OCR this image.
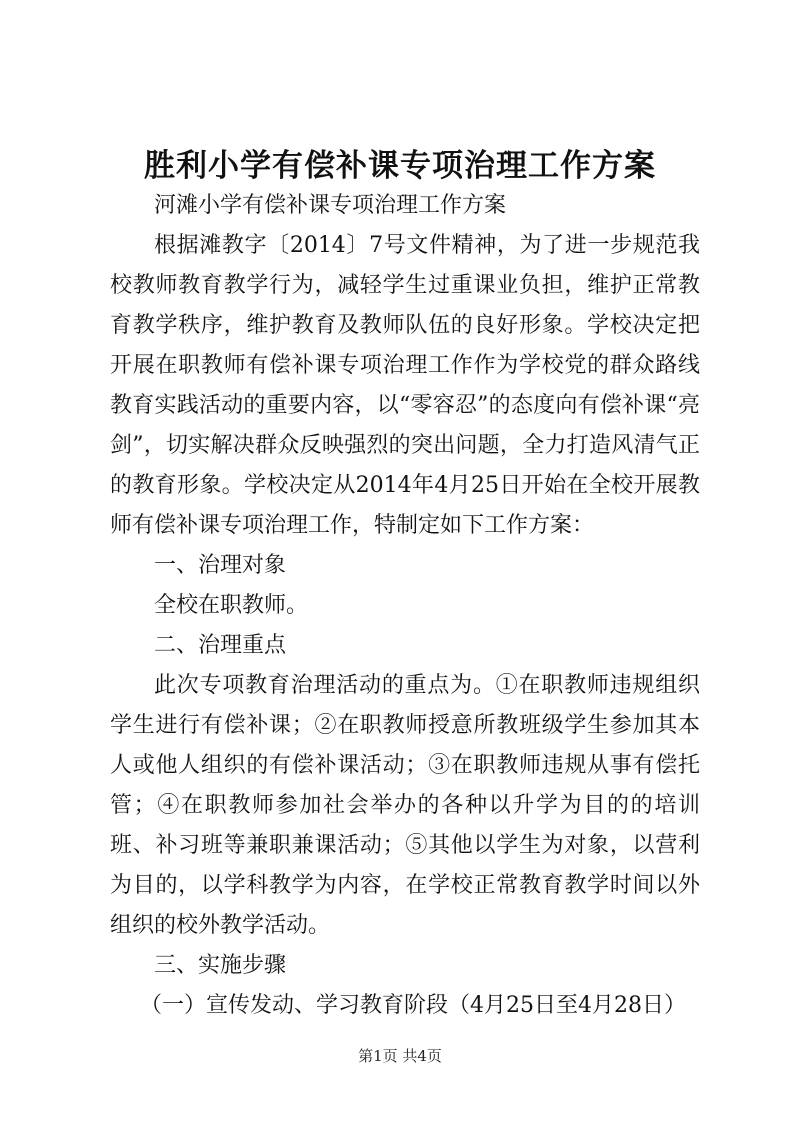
胜利小学有偿补课专项治理工作方案

河滩小学有偿补课专项治理工作方案

根据滩教字〔2014〕7号文件精神，为了进一步规范我校教师教育教学行为，减轻学生过重课业负担，维护正常教育教学秩序，维护教育及教师队伍的良好形象。学校决定把开展在职教师有偿补课专项治理工作作为学校党的群众路线教育实践活动的重要内容，以“零容忍”的态度向有偿补课“亮剑”，切实解决群众反映强烈的突出问题，全力打造风清气正的教育形象。学校决定从2014年4月25日开始在全校开展教师有偿补课专项治理工作，特制定如下工作方案：

一、治理对象

全校在职教师。

二、治理重点

此次专项教育治理活动的重点为。①在职教师违规组织学生进行有偿补课；②在职教师授意所教班级学生参加其本人或他人组织的有偿补课活动；③在职教师违规从事有偿托管；④在职教师参加社会举办的各种以升学为目的的培训班、补习班等兼职兼课活动；⑤其他以学生为对象，以营利为目的，以学科教学为内容，在学校正常教育教学时间以外组织的校外教学活动。

三、实施步骤

（一）宣传发动、学习教育阶段（4月25日至4月28日）

第1页 共4页
